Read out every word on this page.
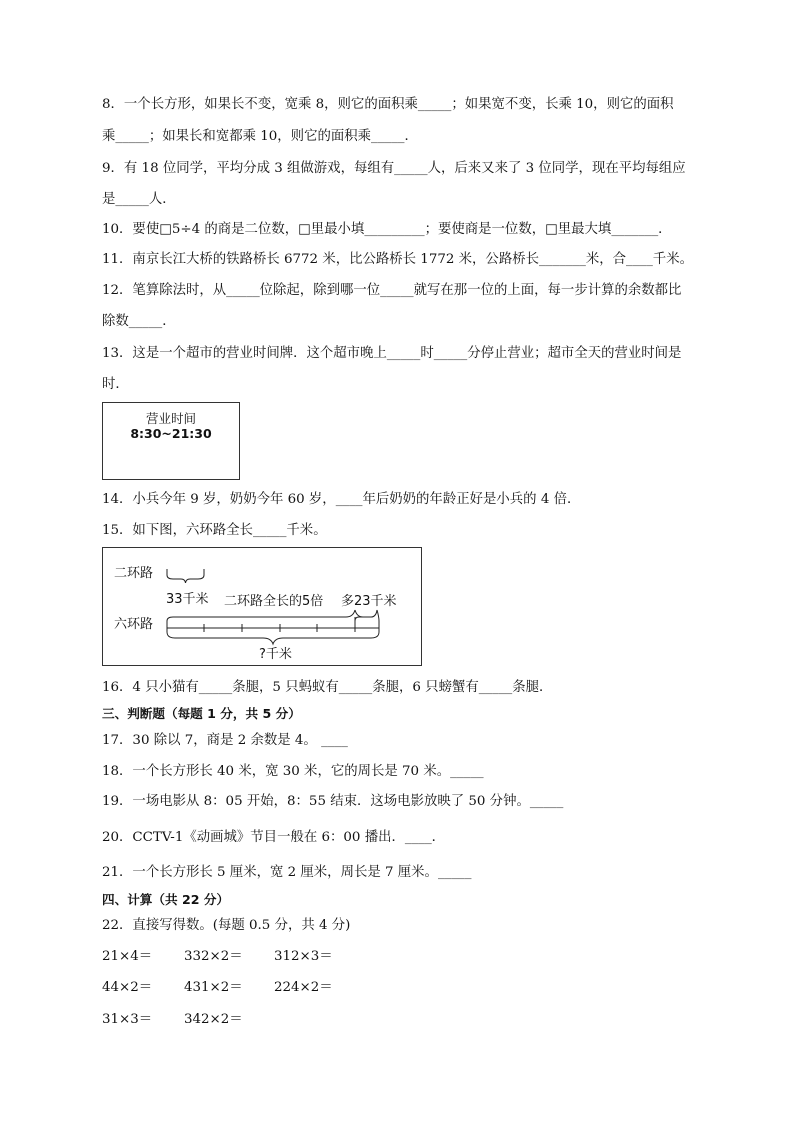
8．一个长方形，如果长不变，宽乘 8，则它的面积乘_____；如果宽不变，长乘 10，则它的面积
乘_____；如果长和宽都乘 10，则它的面积乘_____．
9．有 18 位同学，平均分成 3 组做游戏，每组有_____人，后来又来了 3 位同学，现在平均每组应
是_____人．
10．要使□5÷4 的商是二位数，□里最小填_________；要使商是一位数，□里最大填_______．
11．南京长江大桥的铁路桥长 6772 米，比公路桥长 1772 米，公路桥长_______米，合____千米。
12．笔算除法时，从_____位除起，除到哪一位_____就写在那一位的上面，每一步计算的余数都比
除数_____．
13．这是一个超市的营业时间牌．这个超市晚上_____时_____分停止营业；超市全天的营业时间是
时．
营业时间
8:30~21:30
14．小兵今年 9 岁，奶奶今年 60 岁，____年后奶奶的年龄正好是小兵的 4 倍．
15．如下图，六环路全长_____千米。
二环路
33千米 二环路全长的5倍 多23千米
六环路
?千米
16．4 只小猫有_____条腿，5 只蚂蚁有_____条腿，6 只螃蟹有_____条腿．
三、判断题（每题 1 分，共 5 分）
17．30 除以 7，商是 2 余数是 4。 ____
18．一个长方形长 40 米，宽 30 米，它的周长是 70 米。_____
19．一场电影从 8：05 开始，8：55 结束．这场电影放映了 50 分钟。_____
20．CCTV-1《动画城》节目一般在 6：00 播出．____．
21．一个长方形长 5 厘米，宽 2 厘米，周长是 7 厘米。_____
四、计算（共 22 分）
22．直接写得数。(每题 0.5 分，共 4 分)
21×4＝ 332×2＝ 312×3＝
44×2＝ 431×2＝ 224×2＝
31×3＝ 342×2＝
